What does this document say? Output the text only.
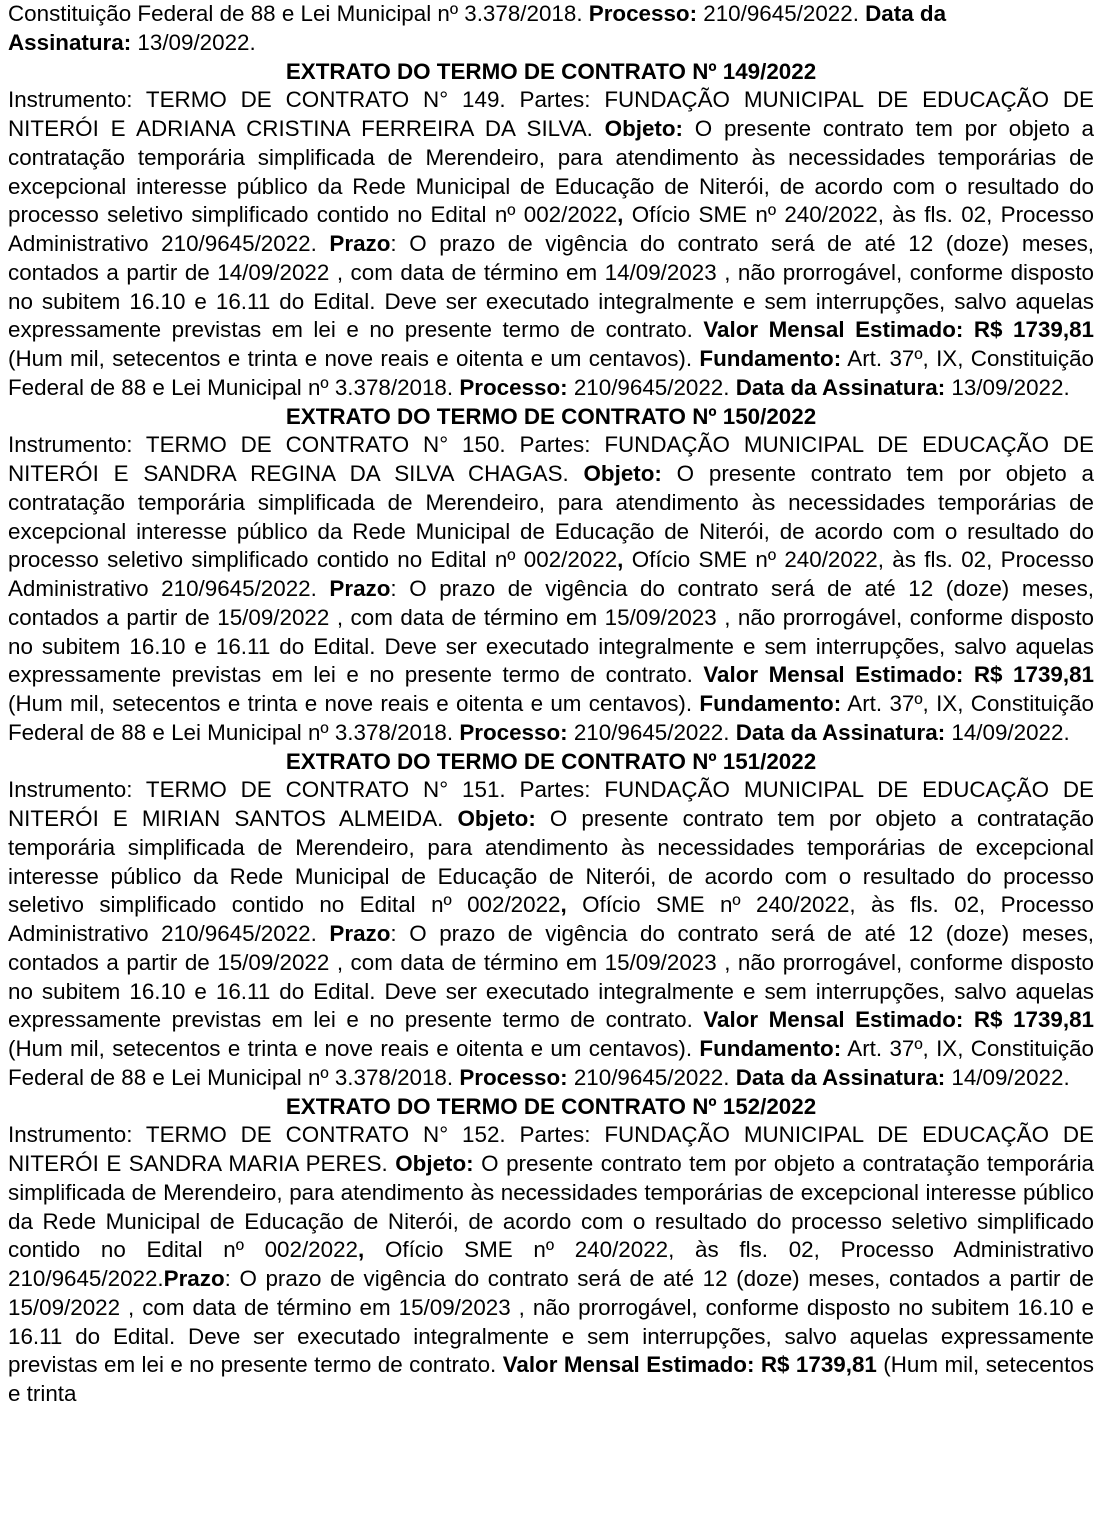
Constituição Federal de 88 e Lei Municipal nº 3.378/2018. Processo: 210/9645/2022. Data da
Assinatura: 13/09/2022.

EXTRATO DO TERMO DE CONTRATO Nº 149/2022

Instrumento: TERMO DE CONTRATO N° 149. Partes: FUNDAÇÃO MUNICIPAL DE EDUCAÇÃO DE NITERÓI E ADRIANA CRISTINA FERREIRA DA SILVA. Objeto: O presente contrato tem por objeto a contratação temporária simplificada de Merendeiro, para atendimento às necessidades temporárias de excepcional interesse público da Rede Municipal de Educação de Niterói, de acordo com o resultado do processo seletivo simplificado contido no Edital nº 002/2022, Ofício SME nº 240/2022, às fls. 02, Processo Administrativo 210/9645/2022. Prazo: O prazo de vigência do contrato será de até 12 (doze) meses, contados a partir de 14/09/2022 , com data de término em 14/09/2023 , não prorrogável, conforme disposto no subitem 16.10 e 16.11 do Edital. Deve ser executado integralmente e sem interrupções, salvo aquelas expressamente previstas em lei e no presente termo de contrato. Valor Mensal Estimado: R$ 1739,81 (Hum mil, setecentos e trinta e nove reais e oitenta e um centavos). Fundamento: Art. 37º, IX, Constituição Federal de 88 e Lei Municipal nº 3.378/2018. Processo: 210/9645/2022. Data da Assinatura: 13/09/2022.

EXTRATO DO TERMO DE CONTRATO Nº 150/2022

Instrumento: TERMO DE CONTRATO N° 150. Partes: FUNDAÇÃO MUNICIPAL DE EDUCAÇÃO DE NITERÓI E SANDRA REGINA DA SILVA CHAGAS. Objeto: O presente contrato tem por objeto a contratação temporária simplificada de Merendeiro, para atendimento às necessidades temporárias de excepcional interesse público da Rede Municipal de Educação de Niterói, de acordo com o resultado do processo seletivo simplificado contido no Edital nº 002/2022, Ofício SME nº 240/2022, às fls. 02, Processo Administrativo 210/9645/2022. Prazo: O prazo de vigência do contrato será de até 12 (doze) meses, contados a partir de 15/09/2022 , com data de término em 15/09/2023 , não prorrogável, conforme disposto no subitem 16.10 e 16.11 do Edital. Deve ser executado integralmente e sem interrupções, salvo aquelas expressamente previstas em lei e no presente termo de contrato. Valor Mensal Estimado: R$ 1739,81 (Hum mil, setecentos e trinta e nove reais e oitenta e um centavos). Fundamento: Art. 37º, IX, Constituição Federal de 88 e Lei Municipal nº 3.378/2018. Processo: 210/9645/2022. Data da Assinatura: 14/09/2022.

EXTRATO DO TERMO DE CONTRATO Nº 151/2022

Instrumento: TERMO DE CONTRATO N° 151. Partes: FUNDAÇÃO MUNICIPAL DE EDUCAÇÃO DE NITERÓI E MIRIAN SANTOS ALMEIDA. Objeto: O presente contrato tem por objeto a contratação temporária simplificada de Merendeiro, para atendimento às necessidades temporárias de excepcional interesse público da Rede Municipal de Educação de Niterói, de acordo com o resultado do processo seletivo simplificado contido no Edital nº 002/2022, Ofício SME nº 240/2022, às fls. 02, Processo Administrativo 210/9645/2022. Prazo: O prazo de vigência do contrato será de até 12 (doze) meses, contados a partir de 15/09/2022 , com data de término em 15/09/2023 , não prorrogável, conforme disposto no subitem 16.10 e 16.11 do Edital. Deve ser executado integralmente e sem interrupções, salvo aquelas expressamente previstas em lei e no presente termo de contrato. Valor Mensal Estimado: R$ 1739,81 (Hum mil, setecentos e trinta e nove reais e oitenta e um centavos). Fundamento: Art. 37º, IX, Constituição Federal de 88 e Lei Municipal nº 3.378/2018. Processo: 210/9645/2022. Data da Assinatura: 14/09/2022.

EXTRATO DO TERMO DE CONTRATO Nº 152/2022

Instrumento: TERMO DE CONTRATO N° 152. Partes: FUNDAÇÃO MUNICIPAL DE EDUCAÇÃO DE NITERÓI E SANDRA MARIA PERES. Objeto: O presente contrato tem por objeto a contratação temporária simplificada de Merendeiro, para atendimento às necessidades temporárias de excepcional interesse público da Rede Municipal de Educação de Niterói, de acordo com o resultado do processo seletivo simplificado contido no Edital nº 002/2022, Ofício SME nº 240/2022, às fls. 02, Processo Administrativo 210/9645/2022.Prazo: O prazo de vigência do contrato será de até 12 (doze) meses, contados a partir de 15/09/2022 , com data de término em 15/09/2023 , não prorrogável, conforme disposto no subitem 16.10 e 16.11 do Edital. Deve ser executado integralmente e sem interrupções, salvo aquelas expressamente previstas em lei e no presente termo de contrato. Valor Mensal Estimado: R$ 1739,81 (Hum mil, setecentos e trinta
